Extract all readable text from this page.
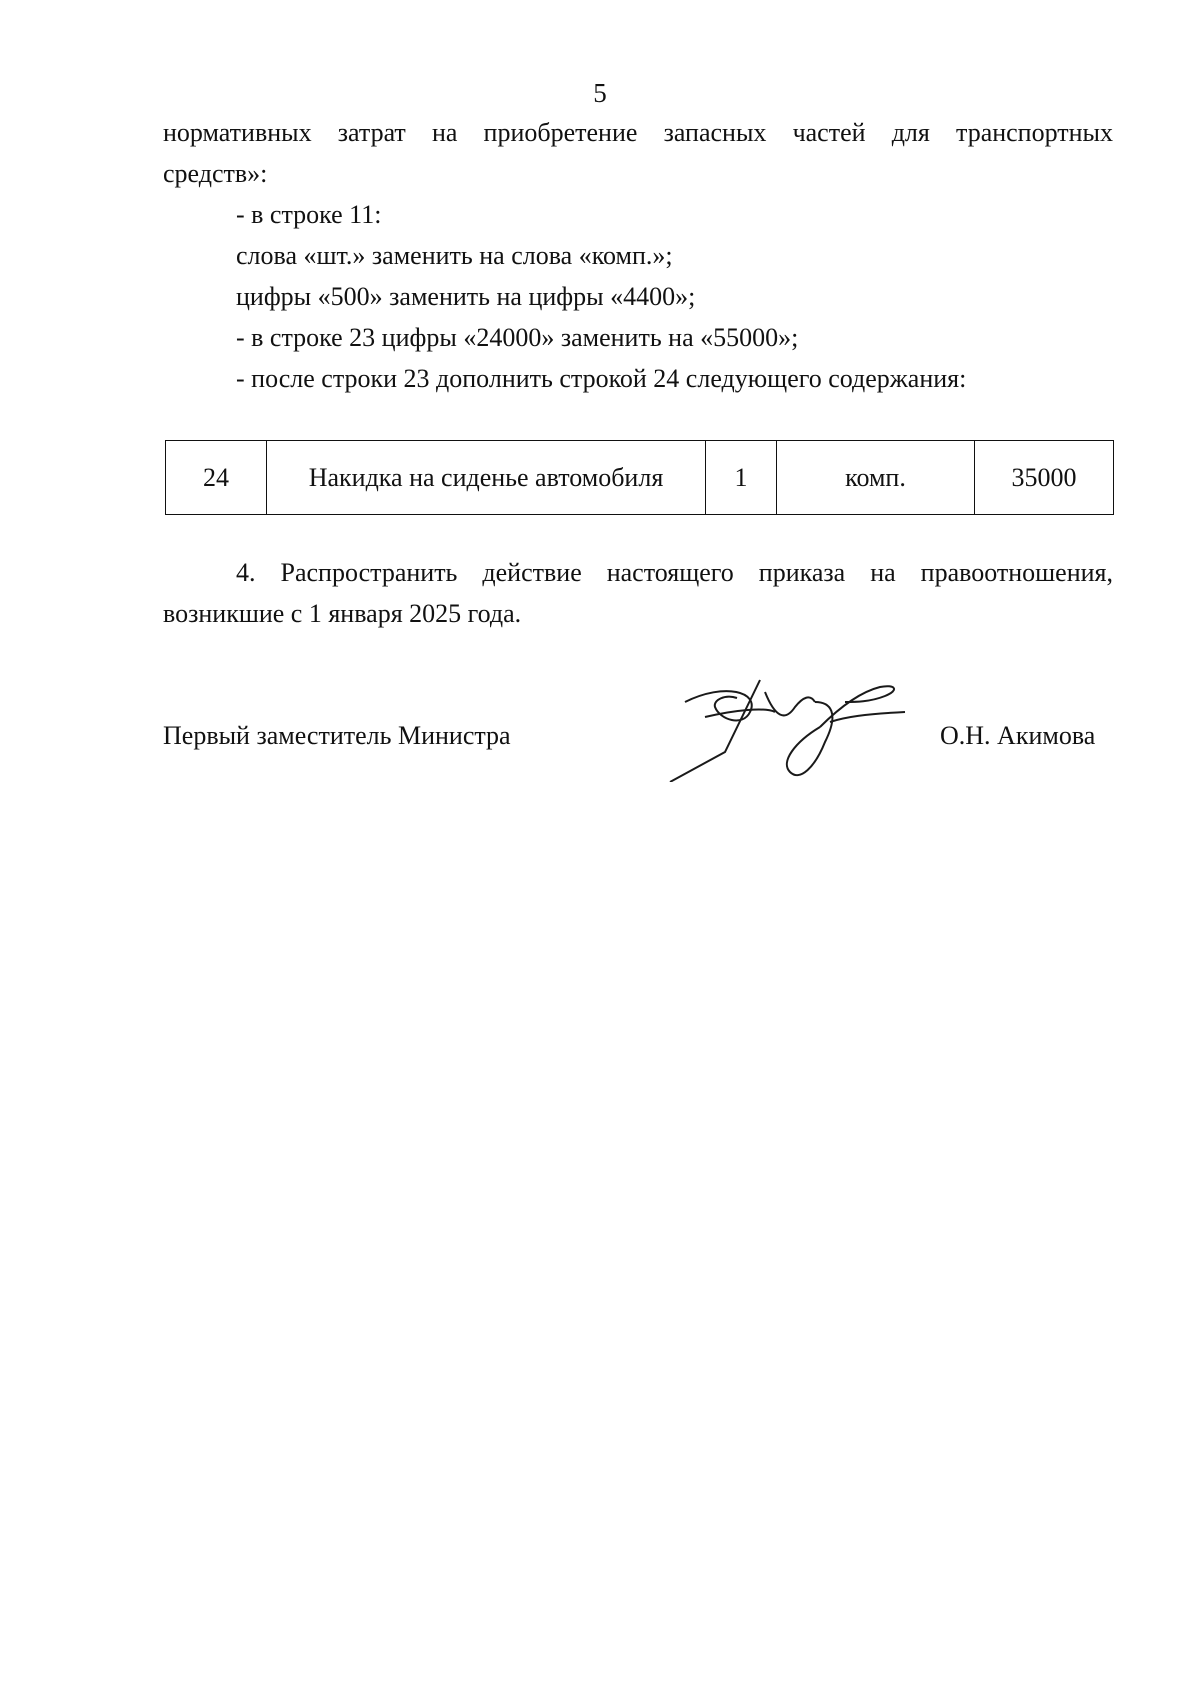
5
нормативных затрат на приобретение запасных частей для транспортных
средств»:
- в строке 11:
слова «шт.» заменить на слова «комп.»;
цифры «500» заменить на цифры «4400»;
- в строке 23 цифры «24000» заменить на «55000»;
- после строки 23 дополнить строкой 24 следующего содержания:
24	Накидка на сиденье автомобиля	1	комп.	35000
4. Распространить действие настоящего приказа на правоотношения,
возникшие с 1 января 2025 года.
Первый заместитель Министра	О.Н. Акимова
